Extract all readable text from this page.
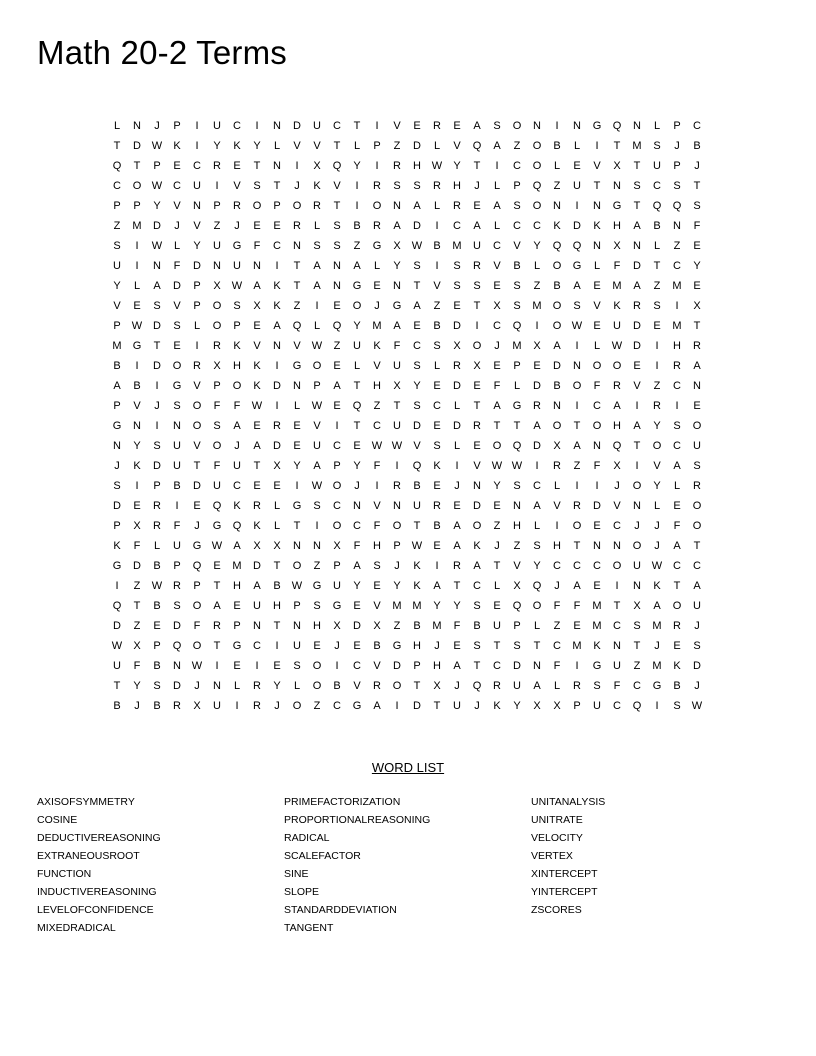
Math 20-2 Terms
L	N	J	P	I	U	C	I	N	D	U	C	T	I	V	E	R	E	A	S	O	N	I	N	G	Q	N	L	P	C
T	D W	K	I	Y	K	Y	L	V	V	T	L	P	Z	D	L	V	Q	A	Z	O	B	L	I	T	M	S	J	B
Q	T	P	E	C	R	E	T	N	I	X	Q	Y	I	R	H W	Y	T	I	C	O	L	E	V	X	T	U	P	J
C	O W C	U	I	V	S	T	J	K	V	I	R	S	S	R	H	J	L	P	Q	Z	U	T	N	S	C	S	T
P	P	Y	V	N	P	R	O	P	O	R	T	I	O	N	A	L	R	E	A	S	O	N	I	N	G	T	Q	Q	S
Z	M	D	J	V	Z	J	E	E	R	L	S	B	R	A	D	I	C	A	L	C	C	K	D	K	H	A	B	N	F
S	I	W	L	Y	U	G	F	C	N	S	S	Z	G	X	W	B	M	U	C	V	Y	Q	Q	N	X	N	L	Z	E
U	I	N	F	D	N	U	N	I	T	A	N	A	L	Y	S	I	S	R	V	B	L	O	G	L	F	D	T	C	Y
Y	L	A	D	P	X	W	A	K	T	A	N	G	E	N	T	V	S	S	E	S	Z	B	A	E	M	A	Z	M	E
V	E	S	V	P	O	S	X	K	Z	I	E	O	J	G	A	Z	E	T	X	S	M	O	S	V	K	R	S	I	X
P	W D	S	L	O	P	E	A	Q	L	Q	Y	M	A	E	B	D	I	C	Q	I	O W	E	U	D	E	M	T
M	G	T	E	I	R	K	V	N	V	W	Z	U	K	F	C	S	X	O	J	M	X	A	I	L	W D	I	H	R
B	I	D	O	R	X	H	K	I	G	O	E	L	V	U	S	L	R	X	E	P	E	D	N	O	O	E	I	R	A
A	B	I	G	V	P	O	K	D	N	P	A	T	H	X	Y	E	D	E	F	L	D	B	O	F	R	V	Z	C	N
P	V	J	S	O	F	F	W	I	L	W	E	Q	Z	T	S	C	L	T	A	G	R	N	I	C	A	I	R	I	E
G	N	I	N	O	S	A	E	R	E	V	I	T	C	U	D	E	D	R	T	T	A	O	T	O	H	A	Y	S	O
N	Y	S	U	V	O	J	A	D	E	U	C	E	W W	V	S	L	E	O	Q	D	X	A	N	Q	T	O	C	U
J	K	D	U	T	F	U	T	X	Y	A	P	Y	F	I	Q	K	I	V	W W	I	R	Z	F	X	I	V	A	S
S	I	P	B	D	U	C	E	E	I	W O	J	I	R	B	E	J	N	Y	S	C	L	I	I	J	O	Y	L	R
D	E	R	I	E	Q	K	R	L	G	S	C	N	V	N	U	R	E	D	E	N	A	V	R	D	V	N	L	E	O
P	X	R	F	J	G	Q	K	L	T	I	O	C	F	O	T	B	A	O	Z	H	L	I	O	E	C	J	J	F	O
K	F	L	U	G W	A	X	X	N	N	X	F	H	P	W	E	A	K	J	Z	S	H	T	N	N	O	J	A	T
G	D	B	P	Q	E	M	D	T	O	Z	P	A	S	J	K	I	R	A	T	V	Y	C	C	C	O	U W C	C
I	Z	W R	P	T	H	A	B	W G	U	Y	E	Y	K	A	T	C	L	X	Q	J	A	E	I	N	K	T	A
Q	T	B	S	O	A	E	U	H	P	S	G	E	V	M M	Y	Y	S	E	Q	O	F	F	M	T	X	A	O	U
D	Z	E	D	F	R	P	N	T	N	H	X	D	X	Z	B	M	F	B	U	P	L	Z	E	M	C	S	M	R	J
W	X	P	Q	O	T	G	C	I	U	E	J	E	B	G	H	J	E	S	T	S	T	C	M	K	N	T	J	E	S
U	F	B	N W	I	E	I	E	S	O	I	C	V	D	P	H	A	T	C	D	N	F	I	G	U	Z	M	K	D
T	Y	S	D	J	N	L	R	Y	L	O	B	V	R	O	T	X	J	Q	R	U	A	L	R	S	F	C	G	B	J
B	J	B	R	X	U	I	R	J	O	Z	C	G	A	I	D	T	U	J	K	Y	X	X	P	U	C	Q	I	S	W
WORD LIST
AXISOFSYMMETRY
COSINE
DEDUCTIVEREASONING
EXTRANEOUSROOT
FUNCTION
INDUCTIVEREASONING
LEVELOFCONFIDENCE
MIXEDRADICAL
PRIMEFACTORIZATION
PROPORTIONALREASONING
RADICAL
SCALEFACTOR
SINE
SLOPE
STANDARDDEVIATION
TANGENT
UNITANALYSIS
UNITRATE
VELOCITY
VERTEX
XINTERCEPT
YINTERCEPT
ZSCORES
